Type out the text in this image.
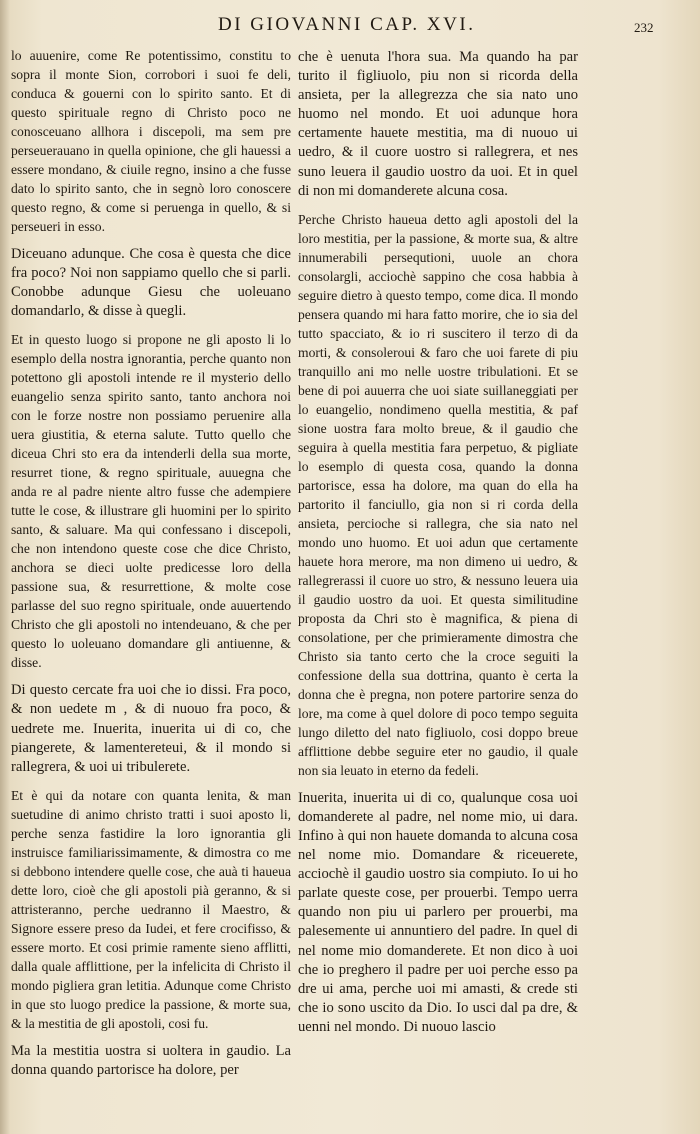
DI GIOVANNI CAP. XVI.	232

lo auuenire, come Re potentissimo, constitu to sopra il monte Sion, corrobori i suoi fe deli, conduca & gouerni con lo spirito santo. Et di questo spirituale regno di Christo poco ne conosceuano allhora i discepoli, ma sem pre perseuerauano in quella opinione, che gli hauessi a essere mondano, & ciuile regno, insino a che fusse dato lo spirito santo, che in segnò loro conoscere questo regno, & come si peruenga in quello, & si perseueri in esso.

Diceuano adunque. Che cosa è questa che dice fra poco? Noi non sappiamo quello che si parli. Conobbe adunque Giesu che uoleuano domandarlo, & disse à quegli.

Et in questo luogo si propone ne gli aposto li lo esemplo della nostra ignorantia, perche quanto non potettono gli apostoli intende re il mysterio dello euangelio senza spirito santo, tanto anchora noi con le forze nostre non possiamo peruenire alla uera giustitia, & eterna salute. Tutto quello che diceua Chri sto era da intenderli della sua morte, resurret tione, & regno spirituale, auuegna che anda re al padre niente altro fusse che adempiere tutte le cose, & illustrare gli huomini per lo spirito santo, & saluare. Ma qui confessano i discepoli, che non intendono queste cose che dice Christo, anchora se dieci uolte predicesse loro della passione sua, & resurrettione, & molte cose parlasse del suo regno spirituale, onde auuertendo Christo che gli apostoli no intendeuano, & che per questo lo uoleuano domandare gli antiuenne, & disse.

Di questo cercate fra uoi che io dissi. Fra poco, & non uedete m , & di nuouo fra poco, & uedrete me. Inuerita, inuerita ui di co, che piangerete, & lamentereteui, & il mondo si rallegrera, & uoi ui tribulerete.

Et è qui da notare con quanta lenita, & man suetudine di animo christo tratti i suoi aposto li, perche senza fastidire la loro ignorantia gli instruisce familiarissimamente, & dimostra co me si debbono intendere quelle cose, che auà ti haueua dette loro, cioè che gli apostoli pià geranno, & si attristeranno, perche uedranno il Maestro, & Signore essere preso da Iudei, et fere crocifisso, & essere morto. Et cosi primie ramente sieno afflitti, dalla quale afflittione, per la infelicita di Christo il mondo pigliera gran letitia. Adunque come Christo in que sto luogo predice la passione, & morte sua, & la mestitia de gli apostoli, cosi fu.

Ma la mestitia uostra si uoltera in gaudio. La donna quando partorisce ha dolore, per

che è uenuta l'hora sua. Ma quando ha par turito il figliuolo, piu non si ricorda della ansieta, per la allegrezza che sia nato uno huomo nel mondo. Et uoi adunque hora certamente hauete mestitia, ma di nuouo ui uedro, & il cuore uostro si rallegrera, et nes suno leuera il gaudio uostro da uoi. Et in quel di non mi domanderete alcuna cosa.

Perche Christo haueua detto agli apostoli del la loro mestitia, per la passione, & morte sua, & altre innumerabili persequtioni, uuole an chora consolargli, acciochè sappino che cosa habbia à seguire dietro à questo tempo, come dica. Il mondo pensera quando mi hara fatto morire, che io sia del tutto spacciato, & io ri suscitero il terzo di da morti, & consoleroui & faro che uoi farete di piu tranquillo ani mo nelle uostre tribulationi. Et se bene di poi auuerra che uoi siate suillaneggiati per lo euangelio, nondimeno quella mestitia, & paf sione uostra fara molto breue, & il gaudio che seguira à quella mestitia fara perpetuo, & pigliate lo esemplo di questa cosa, quando la donna partorisce, essa ha dolore, ma quan do ella ha partorito il fanciullo, gia non si ri corda della ansieta, percioche si rallegra, che sia nato nel mondo uno huomo. Et uoi adun que certamente hauete hora merore, ma non dimeno ui uedro, & rallegrerassi il cuore uo stro, & nessuno leuera uia il gaudio uostro da uoi. Et questa similitudine proposta da Chri sto è magnifica, & piena di consolatione, per che primieramente dimostra che Christo sia tanto certo che la croce seguiti la confessione della sua dottrina, quanto è certa la donna che è pregna, non potere partorire senza do lore, ma come à quel dolore di poco tempo seguita lungo diletto del nato figliuolo, cosi doppo breue afflittione debbe seguire eter no gaudio, il quale non sia leuato in eterno da fedeli.

Inuerita, inuerita ui di co, qualunque cosa uoi domanderete al padre, nel nome mio, ui dara. Infino à qui non hauete domanda to alcuna cosa nel nome mio. Domandare & riceuerete, acciochè il gaudio uostro sia compiuto. Io ui ho parlate queste cose, per prouerbi. Tempo uerra quando non piu ui parlero per prouerbi, ma palesemente ui annuntiero del padre. In quel di nel nome mio domanderete. Et non dico à uoi che io preghero il padre per uoi perche esso pa dre ui ama, perche uoi mi amasti, & crede sti che io sono uscito da Dio. Io usci dal pa dre, & uenni nel mondo. Di nuouo lascio
